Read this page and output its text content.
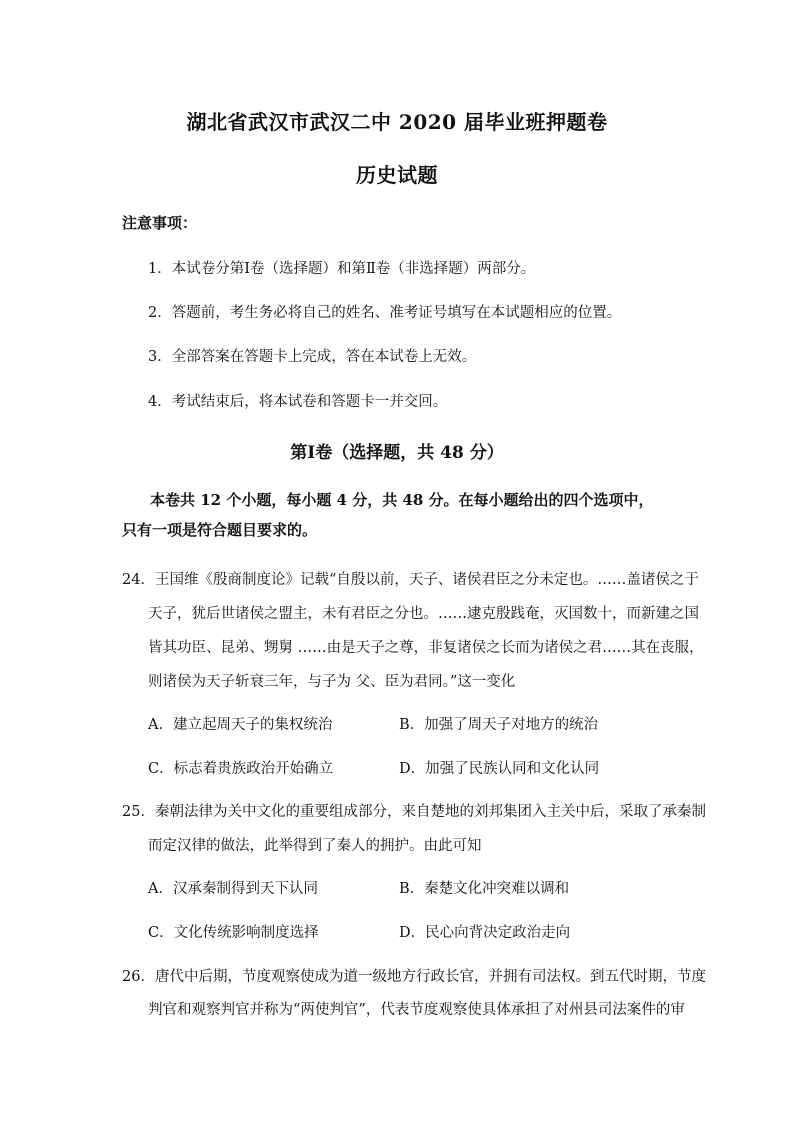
湖北省武汉市武汉二中 2020 届毕业班押题卷
历史试题
注意事项：
1．本试卷分第Ⅰ卷（选择题）和第Ⅱ卷（非选择题）两部分。
2．答题前，考生务必将自己的姓名、准考证号填写在本试题相应的位置。
3．全部答案在答题卡上完成，答在本试卷上无效。
4．考试结束后，将本试卷和答题卡一并交回。
第Ⅰ卷（选择题，共 48 分）
本卷共 12 个小题，每小题 4 分，共 48 分。在每小题给出的四个选项中，
只有一项是符合题目要求的。
24．王国维《殷商制度论》记载“自殷以前，天子、诸侯君臣之分未定也。……盖诸侯之于
天子，犹后世诸侯之盟主，未有君臣之分也。……逮克殷践奄，灭国数十，而新建之国
皆其功臣、昆弟、甥舅 ……由是天子之尊，非复诸侯之长而为诸侯之君……其在丧服，
则诸侯为天子斩衰三年，与子为 父、臣为君同。”这一变化
A．建立起周天子的集权统治	B．加强了周天子对地方的统治
C．标志着贵族政治开始确立	D．加强了民族认同和文化认同
25．秦朝法律为关中文化的重要组成部分，来自楚地的刘邦集团入主关中后，采取了承秦制
而定汉律的做法，此举得到了秦人的拥护。由此可知
A．汉承秦制得到天下认同	B．秦楚文化冲突难以调和
C．文化传统影响制度选择	D．民心向背决定政治走向
26．唐代中后期，节度观察使成为道一级地方行政长官，并拥有司法权。到五代时期，节度
判官和观察判官并称为“两使判官”，代表节度观察使具体承担了对州县司法案件的审
